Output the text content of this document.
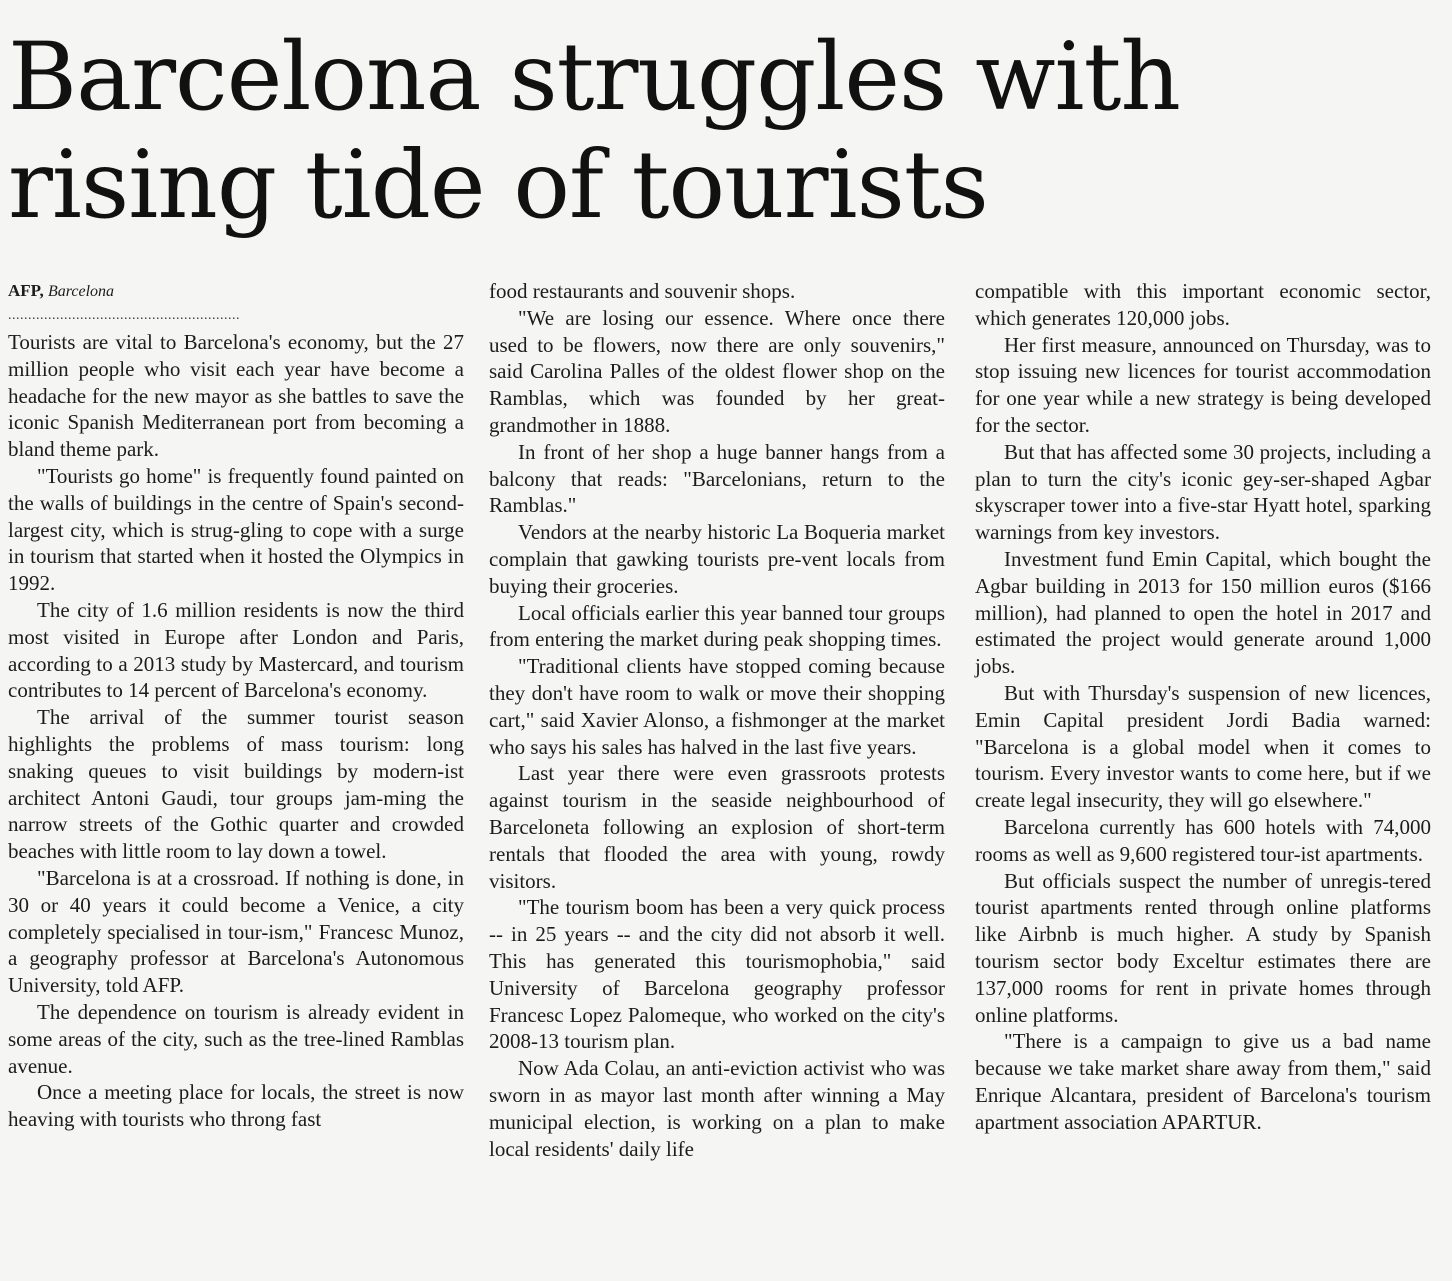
Barcelona struggles with
rising tide of tourists

AFP, Barcelona

..........................................................

Tourists are vital to Barcelona's economy, but the 27 million people who visit each year have become a headache for the new mayor as she battles to save the iconic Spanish Mediterranean port from becoming a bland theme park.

"Tourists go home" is frequently found painted on the walls of buildings in the centre of Spain's second-largest city, which is strug-gling to cope with a surge in tourism that started when it hosted the Olympics in 1992.

The city of 1.6 million residents is now the third most visited in Europe after London and Paris, according to a 2013 study by Mastercard, and tourism contributes to 14 percent of Barcelona's economy.

The arrival of the summer tourist season highlights the problems of mass tourism: long snaking queues to visit buildings by modern-ist architect Antoni Gaudi, tour groups jam-ming the narrow streets of the Gothic quarter and crowded beaches with little room to lay down a towel.

"Barcelona is at a crossroad. If nothing is done, in 30 or 40 years it could become a Venice, a city completely specialised in tour-ism," Francesc Munoz, a geography professor at Barcelona's Autonomous University, told AFP.

The dependence on tourism is already evident in some areas of the city, such as the tree-lined Ramblas avenue.

Once a meeting place for locals, the street is now heaving with tourists who throng fast

food restaurants and souvenir shops.

"We are losing our essence. Where once there used to be flowers, now there are only souvenirs," said Carolina Palles of the oldest flower shop on the Ramblas, which was founded by her great-grandmother in 1888.

In front of her shop a huge banner hangs from a balcony that reads: "Barcelonians, return to the Ramblas."

Vendors at the nearby historic La Boqueria market complain that gawking tourists pre-vent locals from buying their groceries.

Local officials earlier this year banned tour groups from entering the market during peak shopping times.

"Traditional clients have stopped coming because they don't have room to walk or move their shopping cart," said Xavier Alonso, a fishmonger at the market who says his sales has halved in the last five years.

Last year there were even grassroots protests against tourism in the seaside neighbourhood of Barceloneta following an explosion of short-term rentals that flooded the area with young, rowdy visitors.

"The tourism boom has been a very quick process -- in 25 years -- and the city did not absorb it well. This has generated this tourismophobia," said University of Barcelona geography professor Francesc Lopez Palomeque, who worked on the city's 2008-13 tourism plan.

Now Ada Colau, an anti-eviction activist who was sworn in as mayor last month after winning a May municipal election, is working on a plan to make local residents' daily life

compatible with this important economic sector, which generates 120,000 jobs.

Her first measure, announced on Thursday, was to stop issuing new licences for tourist accommodation for one year while a new strategy is being developed for the sector.

But that has affected some 30 projects, including a plan to turn the city's iconic gey-ser-shaped Agbar skyscraper tower into a five-star Hyatt hotel, sparking warnings from key investors.

Investment fund Emin Capital, which bought the Agbar building in 2013 for 150 million euros ($166 million), had planned to open the hotel in 2017 and estimated the project would generate around 1,000 jobs.

But with Thursday's suspension of new licences, Emin Capital president Jordi Badia warned: "Barcelona is a global model when it comes to tourism. Every investor wants to come here, but if we create legal insecurity, they will go elsewhere."

Barcelona currently has 600 hotels with 74,000 rooms as well as 9,600 registered tour-ist apartments.

But officials suspect the number of unregis-tered tourist apartments rented through online platforms like Airbnb is much higher. A study by Spanish tourism sector body Exceltur estimates there are 137,000 rooms for rent in private homes through online platforms.

"There is a campaign to give us a bad name because we take market share away from them," said Enrique Alcantara, president of Barcelona's tourism apartment association APARTUR.
